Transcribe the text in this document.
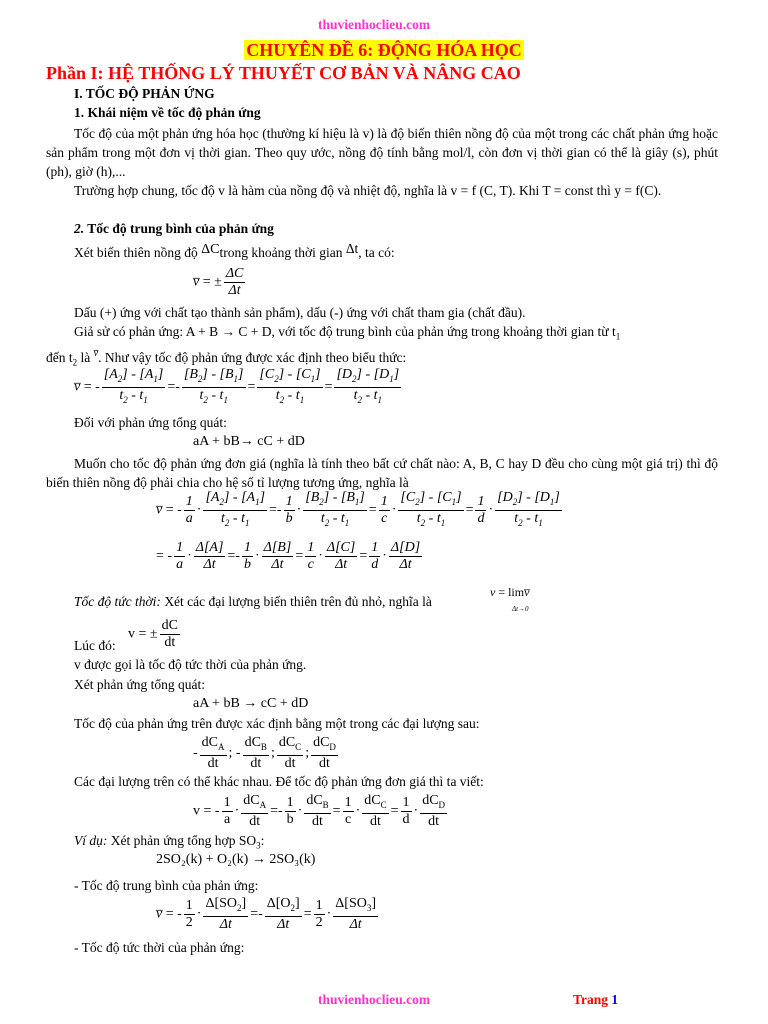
thuvienhoclieu.com
CHUYÊN ĐỀ 6: ĐỘNG HÓA HỌC
Phần I: HỆ THỐNG LÝ THUYẾT CƠ BẢN VÀ NÂNG CAO
I. TỐC ĐỘ PHẢN ỨNG
1. Khái niệm về tốc độ phản ứng
Tốc độ của một phản ứng hóa học (thường kí hiệu là v) là độ biến thiên nồng độ của một trong các chất phản ứng hoặc sản phẩm trong một đơn vị thời gian. Theo quy ước, nồng độ tính bằng mol/l, còn đơn vị thời gian có thể là giây (s), phút (ph), giờ (h),...
Trường hợp chung, tốc độ v là hàm của nồng độ và nhiệt độ, nghĩa là v = f (C, T). Khi T = const thì y = f(C).
2. Tốc độ trung bình của phản ứng
Xét biến thiên nồng độ ΔCtrong khoảng thời gian Δt, ta có:
v̅ = ± $\frac{\Delta C}{\Delta t}$
Dấu (+) ứng với chất tạo thành sản phẩm), dấu (-) ứng với chất tham gia (chất đầu).
Giả sử có phản ứng: A + B → C + D, với tốc độ trung bình của phản ứng trong khoảng thời gian từ $t_1$
đến $t_2$ là $^{v̅}$. Như vậy tốc độ phản ứng được xác định theo biểu thức:
v̅ = - $\frac{[A_2] - [A_1]}{t_2 - t_1} =- \frac{[B_2] - [B_1]}{t_2 - t_1} = \frac{[C_2] - [C_1]}{t_2 - t_1} = \frac{[D_2] - [D_1]}{t_2 - t_1}$
Đối với phản ứng tổng quát:
aA + bB→ cC + dD
Muốn cho tốc độ phản ứng đơn giá (nghĩa là tính theo bất cứ chất nào: A, B, C hay D đều cho cùng một giá trị) thì độ biến thiên nồng độ phải chia cho hệ số tỉ lượng tương ứng, nghĩa là
v̅ = - $\frac{1}{a} \cdot \frac{[A_2] - [A_1]}{t_2 - t_1} =- \frac{1}{b} \cdot \frac{[B_2] - [B_1]}{t_2 - t_1} = \frac{1}{c} \cdot \frac{[C_2] - [C_1]}{t_2 - t_1} = \frac{1}{d} \cdot \frac{[D_2] - [D_1]}{t_2 - t_1}$
= - $\frac{1}{a} \cdot \frac{\Delta[A]}{\Delta t} =- \frac{1}{b} \cdot \frac{\Delta[B]}{\Delta t} = \frac{1}{c} \cdot \frac{\Delta[C]}{\Delta t} = \frac{1}{d} \cdot \frac{\Delta[D]}{\Delta t}$
Tốc độ tức thời: Xét các đại lượng biến thiên trên đủ nhỏ, nghĩa là
v = limv̅
Δt→0
v = ± $\frac{dC}{dt}$
Lúc đó:
v được gọi là tốc độ tức thời của phản ứng.
Xét phản ứng tổng quát:
aA + bB → cC + dD
Tốc độ của phản ứng trên được xác định bằng một trong các đại lượng sau:
- $\frac{dC_A}{dt}$ ; - $\frac{dC_B}{dt}$ ; $\frac{dC_C}{dt}$ ; $\frac{dC_D}{dt}$
Các đại lượng trên có thể khác nhau. Để tốc độ phản ứng đơn giá thì ta viết:
v = - $\frac{1}{a} \cdot \frac{dC_A}{dt} =- \frac{1}{b} \cdot \frac{dC_B}{dt} = \frac{1}{c} \cdot \frac{dC_C}{dt} = \frac{1}{d} \cdot \frac{dC_D}{dt}$
Ví dụ: Xét phản ứng tổng hợp $SO_3$:
2SO₂(k) + O₂(k) → 2SO₃(k)
- Tốc độ trung bình của phản ứng:
v̅ = - $\frac{1}{2} \cdot \frac{\Delta[SO_2]}{\Delta t} =- \frac{\Delta[O_2]}{\Delta t} = \frac{1}{2} \cdot \frac{\Delta[SO_3]}{\Delta t}$
- Tốc độ tức thời của phản ứng:
thuvienhoclieu.com	Trang 1
